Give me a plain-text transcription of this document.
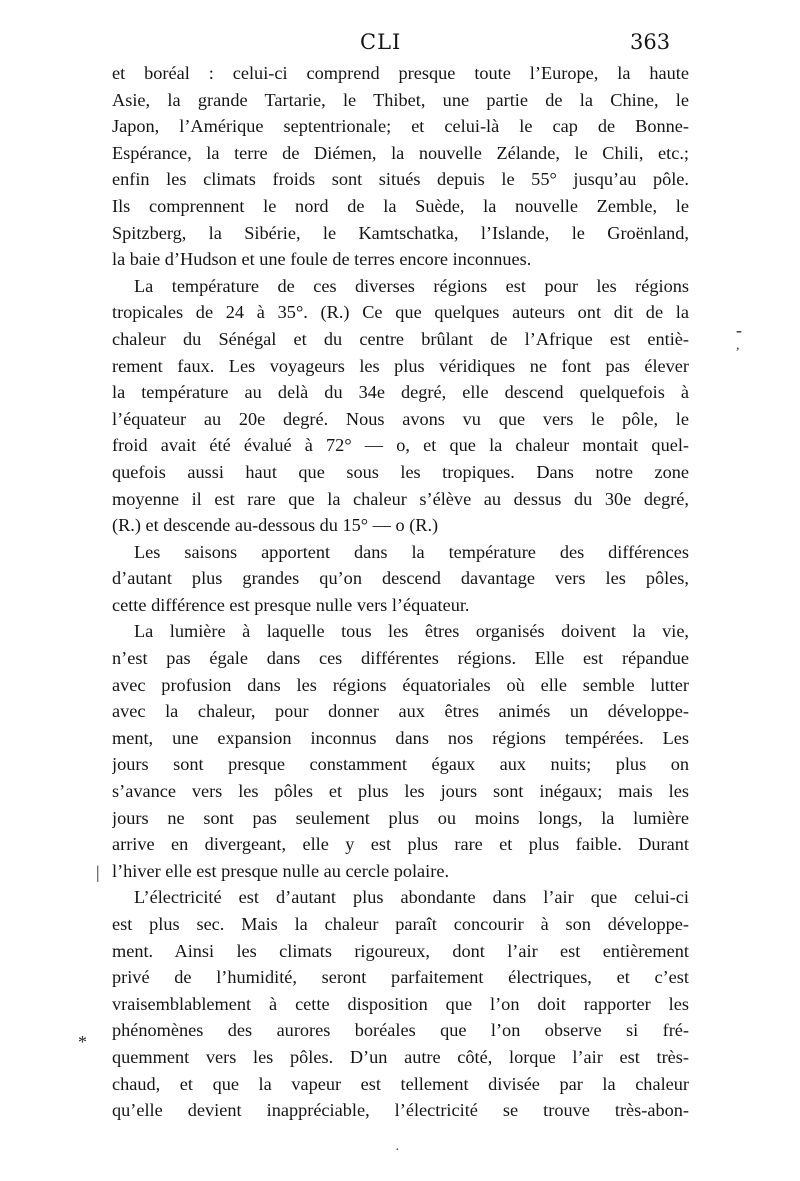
CLI	363
et boréal : celui-ci comprend presque toute l’Europe, la haute
Asie, la grande Tartarie, le Thibet, une partie de la Chine, le
Japon, l’Amérique septentrionale; et celui-là le cap de Bonne-
Espérance, la terre de Diémen, la nouvelle Zélande, le Chili, etc.;
enfin les climats froids sont situés depuis le 55° jusqu’au pôle.
Ils comprennent le nord de la Suède, la nouvelle Zemble, le
Spitzberg, la Sibérie, le Kamtschatka, l’Islande, le Groënland,
la baie d’Hudson et une foule de terres encore inconnues.
La température de ces diverses régions est pour les régions
tropicales de 24 à 35°. (R.) Ce que quelques auteurs ont dit de la
chaleur du Sénégal et du centre brûlant de l’Afrique est entiè-
rement faux. Les voyageurs les plus véridiques ne font pas élever
la température au delà du 34e degré, elle descend quelquefois à
l’équateur au 20e degré. Nous avons vu que vers le pôle, le
froid avait été évalué à 72° — o, et que la chaleur montait quel-
quefois aussi haut que sous les tropiques. Dans notre zone
moyenne il est rare que la chaleur s’élève au dessus du 30e degré,
(R.) et descende au-dessous du 15° — o (R.)
Les saisons apportent dans la température des différences
d’autant plus grandes qu’on descend davantage vers les pôles,
cette différence est presque nulle vers l’équateur.
La lumière à laquelle tous les êtres organisés doivent la vie,
n’est pas égale dans ces différentes régions. Elle est répandue
avec profusion dans les régions équatoriales où elle semble lutter
avec la chaleur, pour donner aux êtres animés un développe-
ment, une expansion inconnus dans nos régions tempérées. Les
jours sont presque constamment égaux aux nuits; plus on
s’avance vers les pôles et plus les jours sont inégaux; mais les
jours ne sont pas seulement plus ou moins longs, la lumière
arrive en divergeant, elle y est plus rare et plus faible. Durant
l’hiver elle est presque nulle au cercle polaire.
L’électricité est d’autant plus abondante dans l’air que celui-ci
est plus sec. Mais la chaleur paraît concourir à son développe-
ment. Ainsi les climats rigoureux, dont l’air est entièrement
privé de l’humidité, seront parfaitement électriques, et c’est
vraisemblablement à cette disposition que l’on doit rapporter les
phénomènes des aurores boréales que l’on observe si fré-
quemment vers les pôles. D’un autre côté, lorque l’air est très-
chaud, et que la vapeur est tellement divisée par la chaleur
qu’elle devient inappréciable, l’électricité se trouve très-abon-
-
,
|
*
·
